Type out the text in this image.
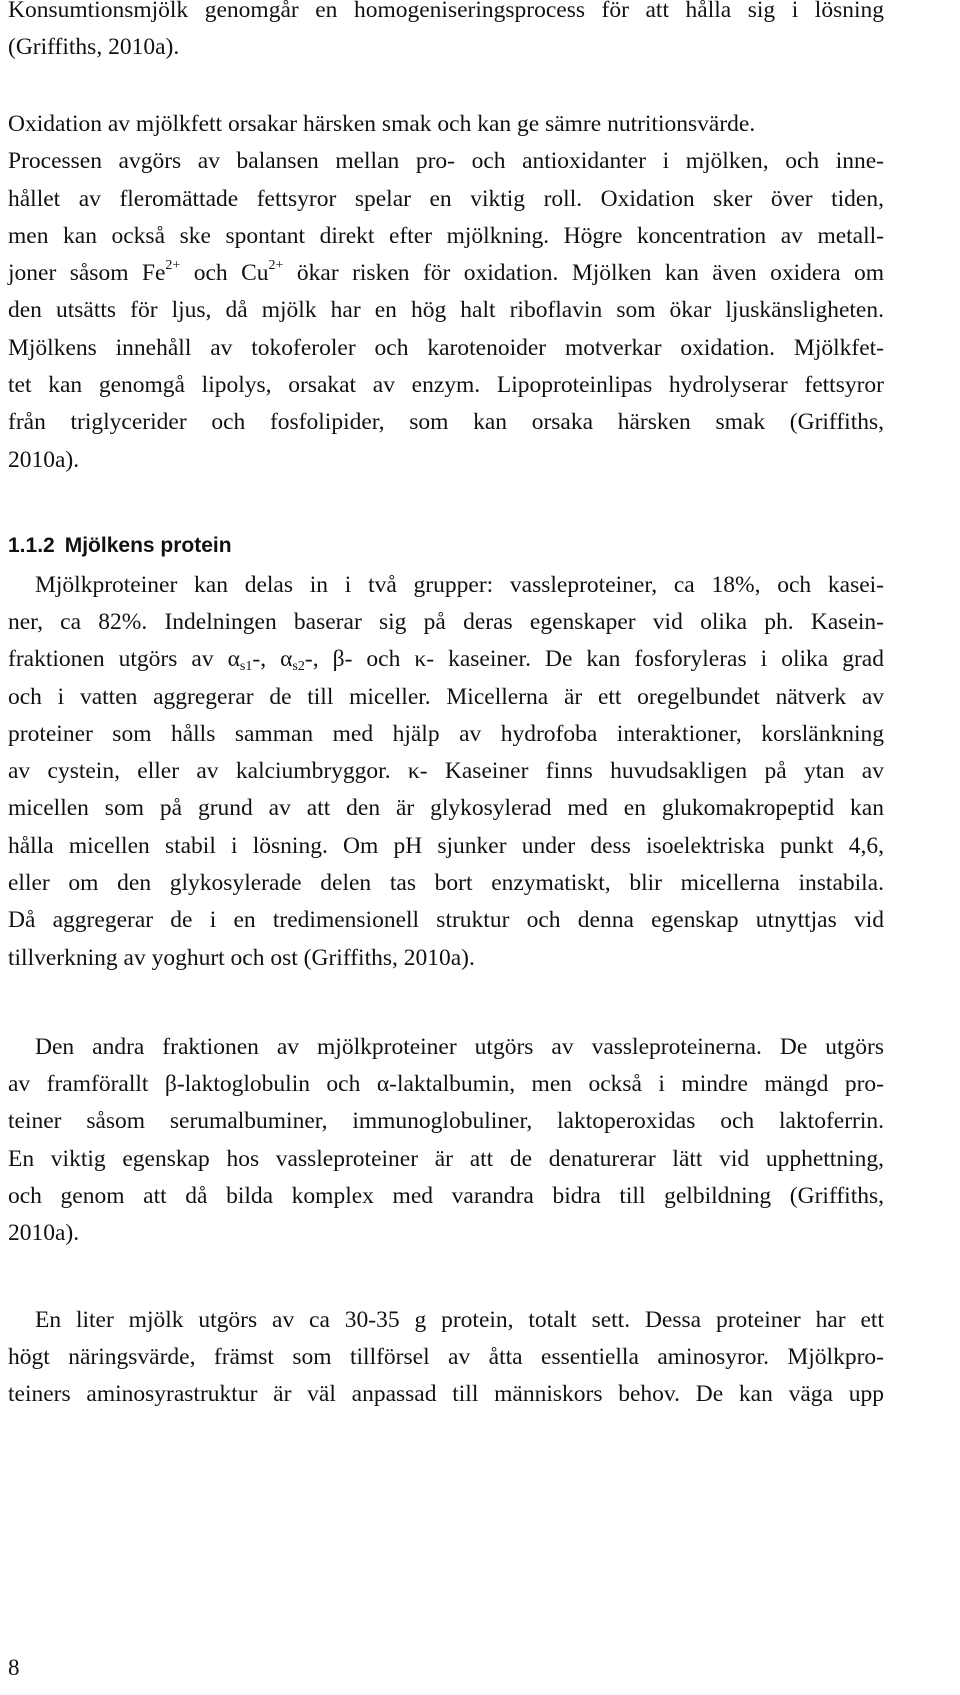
Konsumtionsmjölk genomgår en homogeniseringsprocess för att hålla sig i lösning
(Griffiths, 2010a).

Oxidation av mjölkfett orsakar härsken smak och kan ge sämre nutritionsvärde.
Processen avgörs av balansen mellan pro- och antioxidanter i mjölken, och inne-
hållet av fleromättade fettsyror spelar en viktig roll. Oxidation sker över tiden,
men kan också ske spontant direkt efter mjölkning. Högre koncentration av metall-
joner såsom $Fe^{2+}$ och $Cu^{2+}$ ökar risken för oxidation. Mjölken kan även oxidera om
den utsätts för ljus, då mjölk har en hög halt riboflavin som ökar ljuskänsligheten.
Mjölkens innehåll av tokoferoler och karotenoider motverkar oxidation. Mjölkfet-
tet kan genomgå lipolys, orsakat av enzym. Lipoproteinlipas hydrolyserar fettsyror
från triglycerider och fosfolipider, som kan orsaka härsken smak (Griffiths,
2010a).

1.1.2 Mjölkens protein

Mjölkproteiner kan delas in i två grupper: vassleproteiner, ca 18%, och kasei-

ner, ca 82%. Indelningen baserar sig på deras egenskaper vid olika ph. Kasein-
fraktionen utgörs av $\alpha_{s1}-$, $\alpha_{s2}-$, β- och κ- kaseiner. De kan fosforyleras i olika grad
och i vatten aggregerar de till miceller. Micellerna är ett oregelbundet nätverk av
proteiner som hålls samman med hjälp av hydrofoba interaktioner, korslänkning
av cystein, eller av kalciumbryggor. κ- Kaseiner finns huvudsakligen på ytan av
micellen som på grund av att den är glykosylerad med en glukomakropeptid kan
hålla micellen stabil i lösning. Om pH sjunker under dess isoelektriska punkt 4,6,
eller om den glykosylerade delen tas bort enzymatiskt, blir micellerna instabila.
Då aggregerar de i en tredimensionell struktur och denna egenskap utnyttjas vid
tillverkning av yoghurt och ost (Griffiths, 2010a).

Den andra fraktionen av mjölkproteiner utgörs av vassleproteinerna. De utgörs

av framförallt β-laktoglobulin och α-laktalbumin, men också i mindre mängd pro-
teiner såsom serumalbuminer, immunoglobuliner, laktoperoxidas och laktoferrin.
En viktig egenskap hos vassleproteiner är att de denaturerar lätt vid upphettning,
och genom att då bilda komplex med varandra bidra till gelbildning (Griffiths,
2010a).

En liter mjölk utgörs av ca 30-35 g protein, totalt sett. Dessa proteiner har ett

högt näringsvärde, främst som tillförsel av åtta essentiella aminosyror. Mjölkpro-
teiners aminosyrastruktur är väl anpassad till människors behov. De kan väga upp

8
